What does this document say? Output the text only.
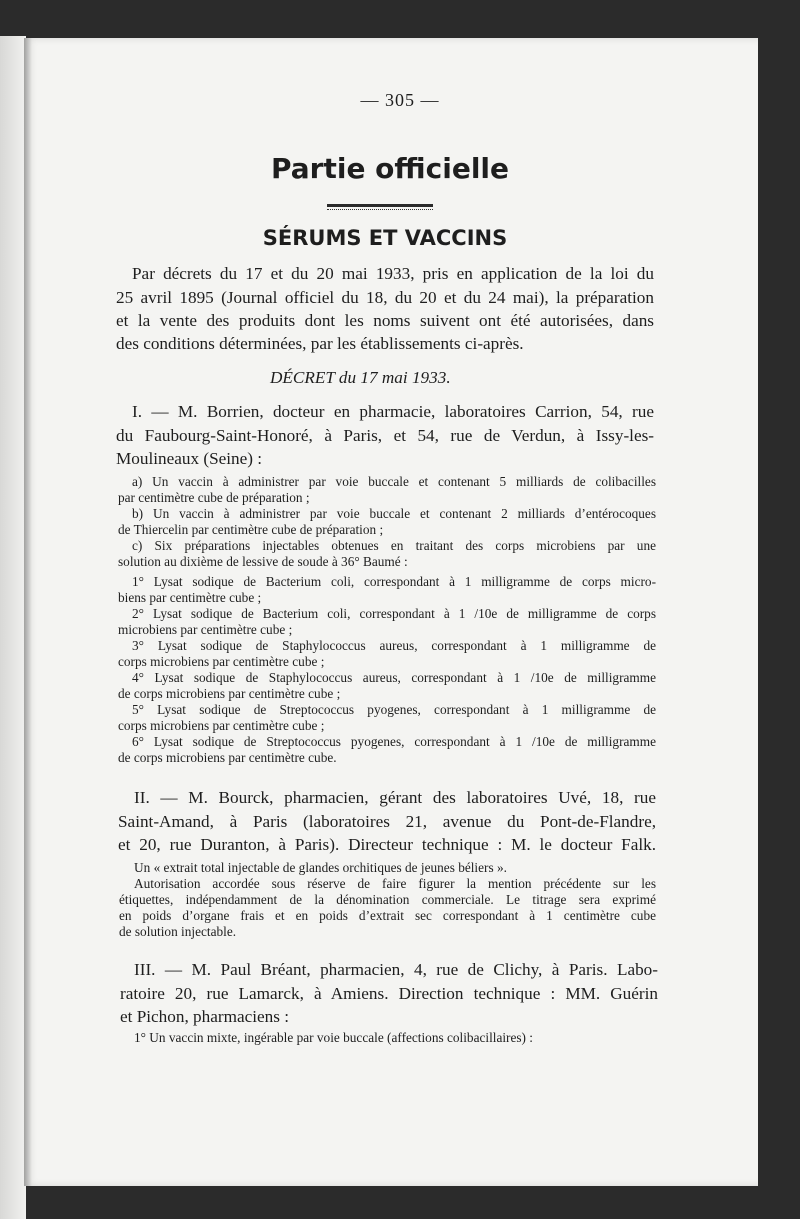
— 305 —
Partie officielle
SÉRUMS ET VACCINS
Par décrets du 17 et du 20 mai 1933, pris en application de la loi du
25 avril 1895 (Journal officiel du 18, du 20 et du 24 mai), la préparation
et la vente des produits dont les noms suivent ont été autorisées, dans
des conditions déterminées, par les établissements ci-après.
DÉCRET du 17 mai 1933.
I. — M. Borrien, docteur en pharmacie, laboratoires Carrion, 54, rue
du Faubourg-Saint-Honoré, à Paris, et 54, rue de Verdun, à Issy-les-
Moulineaux (Seine) :
a) Un vaccin à administrer par voie buccale et contenant 5 milliards de colibacilles
par centimètre cube de préparation ;
b) Un vaccin à administrer par voie buccale et contenant 2 milliards d’entérocoques
de Thiercelin par centimètre cube de préparation ;
c) Six préparations injectables obtenues en traitant des corps microbiens par une
solution au dixième de lessive de soude à 36° Baumé :
1° Lysat sodique de Bacterium coli, correspondant à 1 milligramme de corps micro-
biens par centimètre cube ;
2° Lysat sodique de Bacterium coli, correspondant à 1 /10e de milligramme de corps
microbiens par centimètre cube ;
3° Lysat sodique de Staphylococcus aureus, correspondant à 1 milligramme de
corps microbiens par centimètre cube ;
4° Lysat sodique de Staphylococcus aureus, correspondant à 1 /10e de milligramme
de corps microbiens par centimètre cube ;
5° Lysat sodique de Streptococcus pyogenes, correspondant à 1 milligramme de
corps microbiens par centimètre cube ;
6° Lysat sodique de Streptococcus pyogenes, correspondant à 1 /10e de milligramme
de corps microbiens par centimètre cube.
II. — M. Bourck, pharmacien, gérant des laboratoires Uvé, 18, rue
Saint-Amand, à Paris (laboratoires 21, avenue du Pont-de-Flandre,
et 20, rue Duranton, à Paris). Directeur technique : M. le docteur Falk.
Un « extrait total injectable de glandes orchitiques de jeunes béliers ».
Autorisation accordée sous réserve de faire figurer la mention précédente sur les
étiquettes, indépendamment de la dénomination commerciale. Le titrage sera exprimé
en poids d’organe frais et en poids d’extrait sec correspondant à 1 centimètre cube
de solution injectable.
III. — M. Paul Bréant, pharmacien, 4, rue de Clichy, à Paris. Labo-
ratoire 20, rue Lamarck, à Amiens. Direction technique : MM. Guérin
et Pichon, pharmaciens :
1° Un vaccin mixte, ingérable par voie buccale (affections colibacillaires) :
